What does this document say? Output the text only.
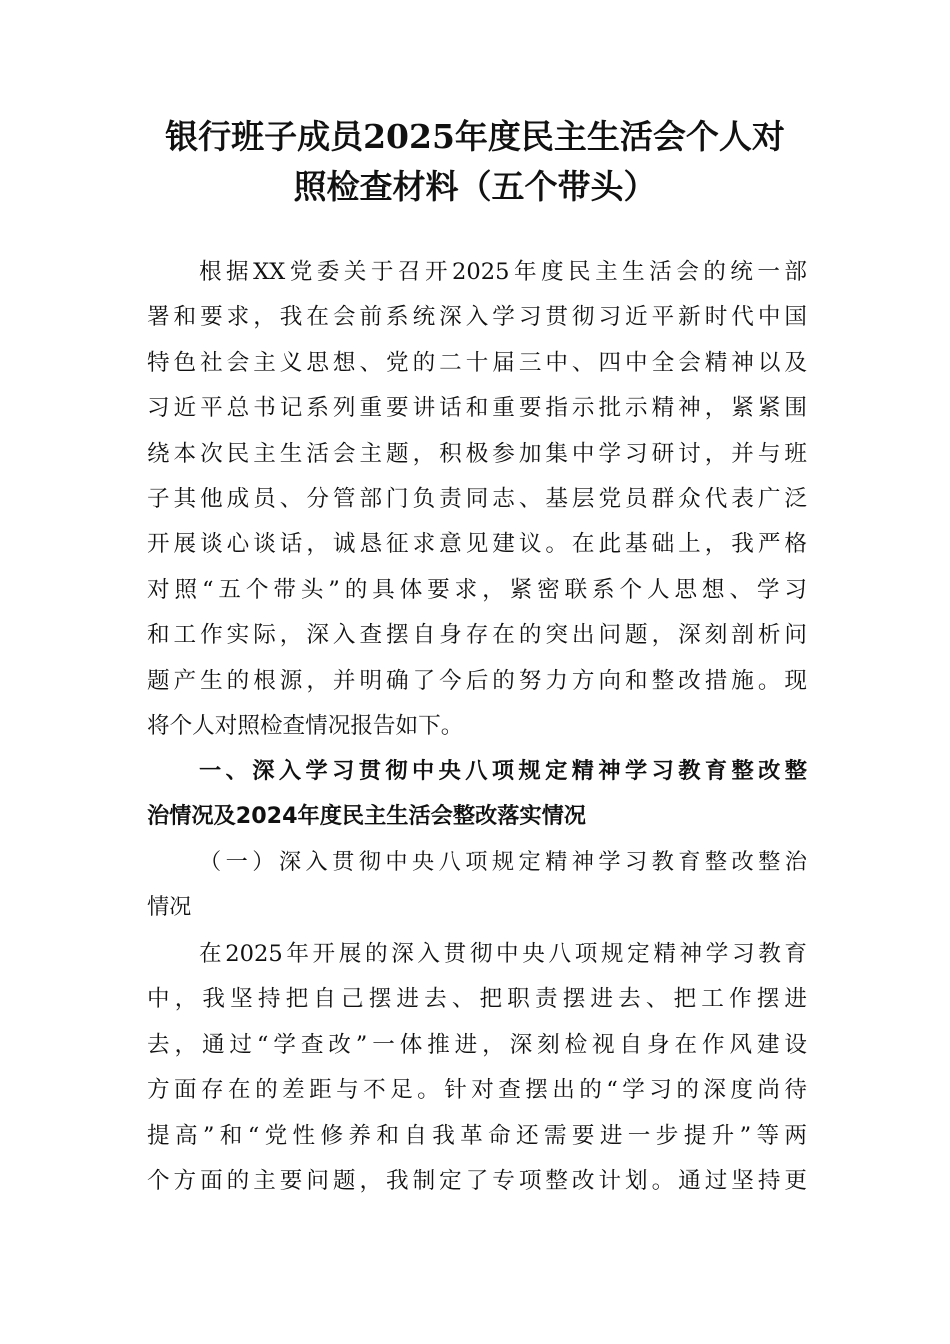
银行班子成员2025年度民主生活会个人对
照检查材料（五个带头）
根据XX党委关于召开2025年度民主生活会的统一部
署和要求，我在会前系统深入学习贯彻习近平新时代中国
特色社会主义思想、党的二十届三中、四中全会精神以及
习近平总书记系列重要讲话和重要指示批示精神，紧紧围
绕本次民主生活会主题，积极参加集中学习研讨，并与班
子其他成员、分管部门负责同志、基层党员群众代表广泛
开展谈心谈话，诚恳征求意见建议。在此基础上，我严格
对照“五个带头”的具体要求，紧密联系个人思想、学习
和工作实际，深入查摆自身存在的突出问题，深刻剖析问
题产生的根源，并明确了今后的努力方向和整改措施。现
将个人对照检查情况报告如下。
一、深入学习贯彻中央八项规定精神学习教育整改整
治情况及2024年度民主生活会整改落实情况
（一）深入贯彻中央八项规定精神学习教育整改整治
情况
在2025年开展的深入贯彻中央八项规定精神学习教育
中，我坚持把自己摆进去、把职责摆进去、把工作摆进
去，通过“学查改”一体推进，深刻检视自身在作风建设
方面存在的差距与不足。针对查摆出的“学习的深度尚待
提高”和“党性修养和自我革命还需要进一步提升”等两
个方面的主要问题，我制定了专项整改计划。通过坚持更
